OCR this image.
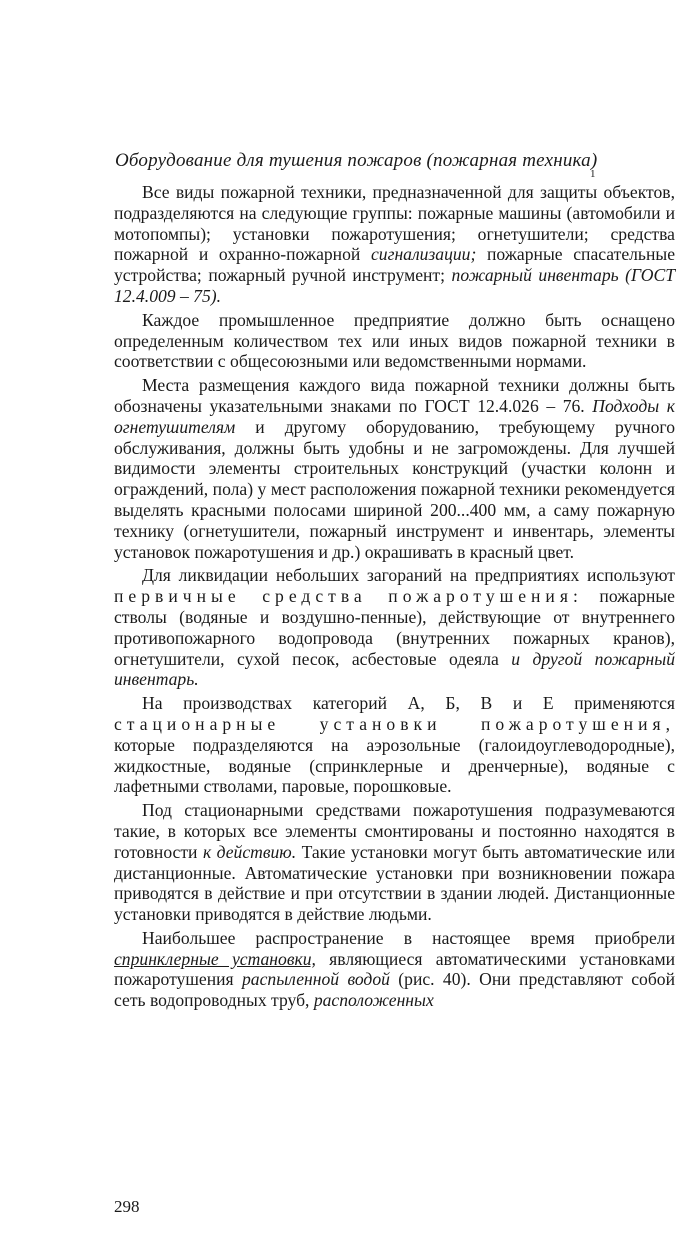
Оборудование для тушения пожаров (пожарная техника)
1

Все виды пожарной техники, предназначенной для защиты объектов, подразделяются на следующие группы: пожарные машины (автомобили и мотопомпы); установки пожаротушения; огнетушители; средства пожарной и охранно-пожарной сигнализации; пожарные спасательные устройства; пожарный ручной инструмент; пожарный инвентарь (ГОСТ 12.4.009 – 75).

Каждое промышленное предприятие должно быть оснащено определенным количеством тех или иных видов пожарной техники в соответствии с общесоюзными или ведомственными нормами.

Места размещения каждого вида пожарной техники должны быть обозначены указательными знаками по ГОСТ 12.4.026 – 76. Подходы к огнетушителям и другому оборудованию, требующему ручного обслуживания, должны быть удобны и не загромождены. Для лучшей видимости элементы строительных конструкций (участки колонн и ограждений, пола) у мест расположения пожарной техники рекомендуется выделять красными полосами шириной 200...400 мм, а саму пожарную технику (огнетушители, пожарный инструмент и инвентарь, элементы установок пожаротушения и др.) окрашивать в красный цвет.

Для ликвидации небольших загораний на предприятиях используют первичные средства пожаротушения: пожарные стволы (водяные и воздушно-пенные), действующие от внутреннего противопожарного водопровода (внутренних пожарных кранов), огнетушители, сухой песок, асбестовые одеяла и другой пожарный инвентарь.

На производствах категорий А, Б, В и Е применяются стационарные установки пожаротушения, которые подразделяются на аэрозольные (галоидоуглеводородные), жидкостные, водяные (спринклерные и дренчерные), водяные с лафетными стволами, паровые, порошковые.

Под стационарными средствами пожаротушения подразумеваются такие, в которых все элементы смонтированы и постоянно находятся в готовности к действию. Такие установки могут быть автоматические или дистанционные. Автоматические установки при возникновении пожара приводятся в действие и при отсутствии в здании людей. Дистанционные установки приводятся в действие людьми.

Наибольшее распространение в настоящее время приобрели спринклерные установки, являющиеся автоматическими установками пожаротушения распыленной водой (рис. 40). Они представляют собой сеть водопроводных труб, расположенных

298
